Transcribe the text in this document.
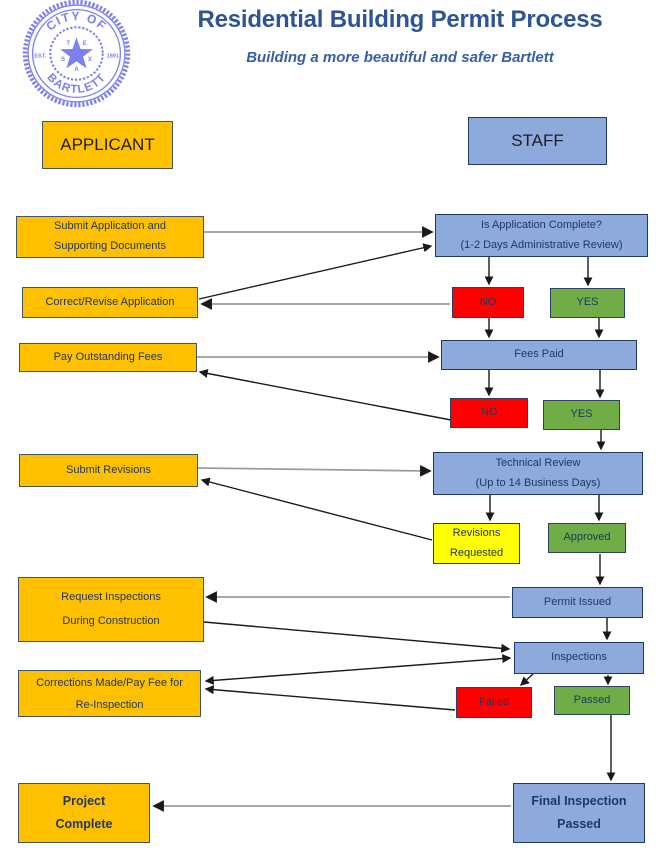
CITY OF
BARTLETT
EST.	1891
T E
X
A
S
Residential Building Permit Process
Building a more beautiful and safer Bartlett
APPLICANT	STAFF
Submit Application and
Supporting Documents
Is Application Complete?
(1-2 Days Administrative Review)
Correct/Revise Application	NO	YES
Pay Outstanding Fees	Fees Paid
NO	YES
Submit Revisions
Technical Review
(Up to 14 Business Days)
Revisions
Requested
Approved
Request Inspections
During Construction
Permit Issued
Inspections
Corrections Made/Pay Fee for
Re-Inspection	Failed	Passed
Project
Complete
Final Inspection
Passed
